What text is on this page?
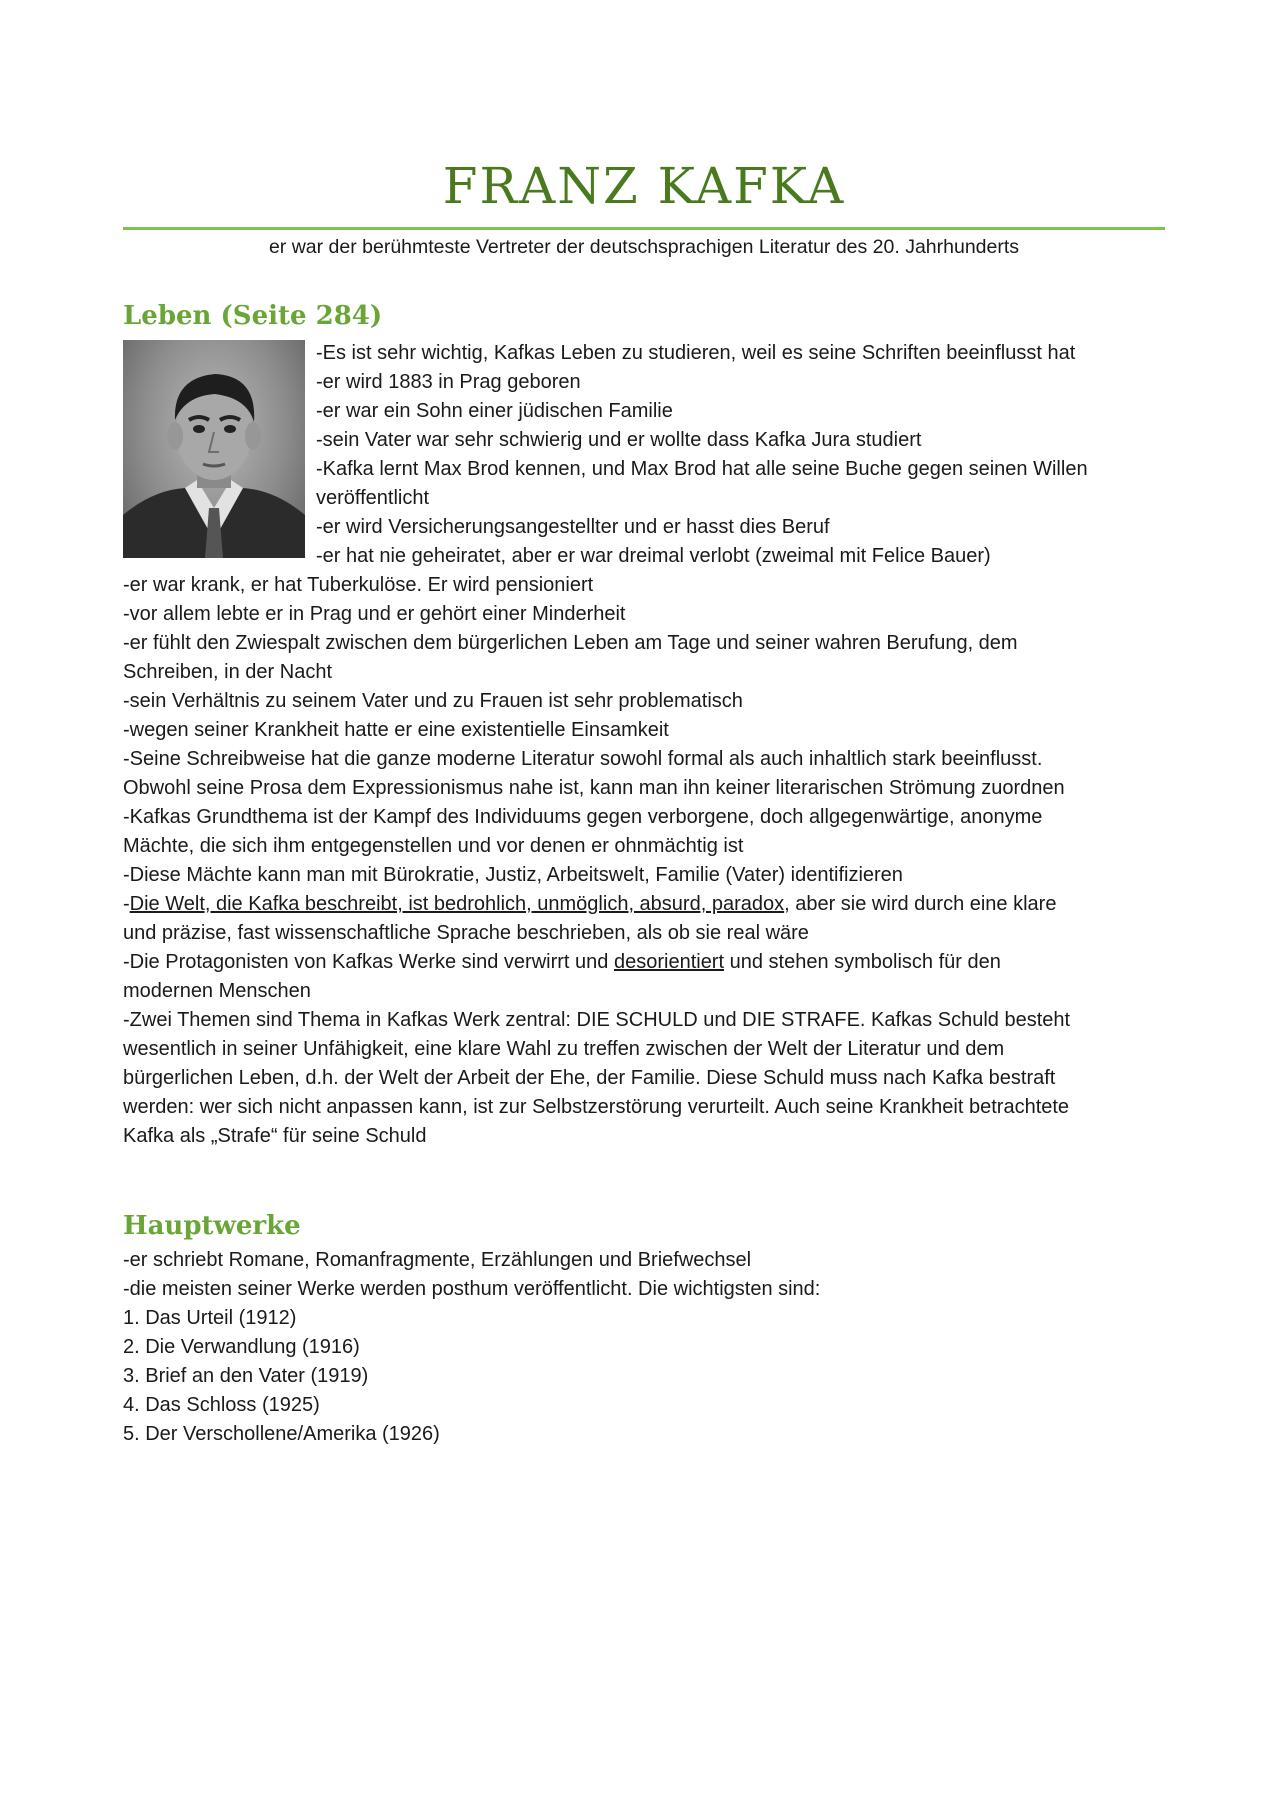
FRANZ KAFKA

er war der berühmteste Vertreter der deutschsprachigen Literatur des 20. Jahrhunderts

Leben (Seite 284)
-Es ist sehr wichtig, Kafkas Leben zu studieren, weil es seine Schriften beeinflusst hat
-er wird 1883 in Prag geboren
-er war ein Sohn einer jüdischen Familie
-sein Vater war sehr schwierig und er wollte dass Kafka Jura studiert
-Kafka lernt Max Brod kennen, und Max Brod hat alle seine Buche gegen seinen Willen
veröffentlicht
-er wird Versicherungsangestellter und er hasst dies Beruf
-er hat nie geheiratet, aber er war dreimal verlobt (zweimal mit Felice Bauer)
-er war krank, er hat Tuberkulöse. Er wird pensioniert
-vor allem lebte er in Prag und er gehört einer Minderheit
-er fühlt den Zwiespalt zwischen dem bürgerlichen Leben am Tage und seiner wahren Berufung, dem
Schreiben, in der Nacht
-sein Verhältnis zu seinem Vater und zu Frauen ist sehr problematisch
-wegen seiner Krankheit hatte er eine existentielle Einsamkeit
-Seine Schreibweise hat die ganze moderne Literatur sowohl formal als auch inhaltlich stark beeinflusst.
Obwohl seine Prosa dem Expressionismus nahe ist, kann man ihn keiner literarischen Strömung zuordnen
-Kafkas Grundthema ist der Kampf des Individuums gegen verborgene, doch allgegenwärtige, anonyme
Mächte, die sich ihm entgegenstellen und vor denen er ohnmächtig ist
-Diese Mächte kann man mit Bürokratie, Justiz, Arbeitswelt, Familie (Vater) identifizieren
-Die Welt, die Kafka beschreibt, ist bedrohlich, unmöglich, absurd, paradox, aber sie wird durch eine klare
und präzise, fast wissenschaftliche Sprache beschrieben, als ob sie real wäre
-Die Protagonisten von Kafkas Werke sind verwirrt und desorientiert und stehen symbolisch für den
modernen Menschen
-Zwei Themen sind Thema in Kafkas Werk zentral: DIE SCHULD und DIE STRAFE. Kafkas Schuld besteht
wesentlich in seiner Unfähigkeit, eine klare Wahl zu treffen zwischen der Welt der Literatur und dem
bürgerlichen Leben, d.h. der Welt der Arbeit der Ehe, der Familie. Diese Schuld muss nach Kafka bestraft
werden: wer sich nicht anpassen kann, ist zur Selbstzerstörung verurteilt. Auch seine Krankheit betrachtete
Kafka als „Strafe“ für seine Schuld
Hauptwerke
-er schriebt Romane, Romanfragmente, Erzählungen und Briefwechsel
-die meisten seiner Werke werden posthum veröffentlicht. Die wichtigsten sind:
1. Das Urteil (1912)
2. Die Verwandlung (1916)
3. Brief an den Vater (1919)
4. Das Schloss (1925)
5. Der Verschollene/Amerika (1926)
